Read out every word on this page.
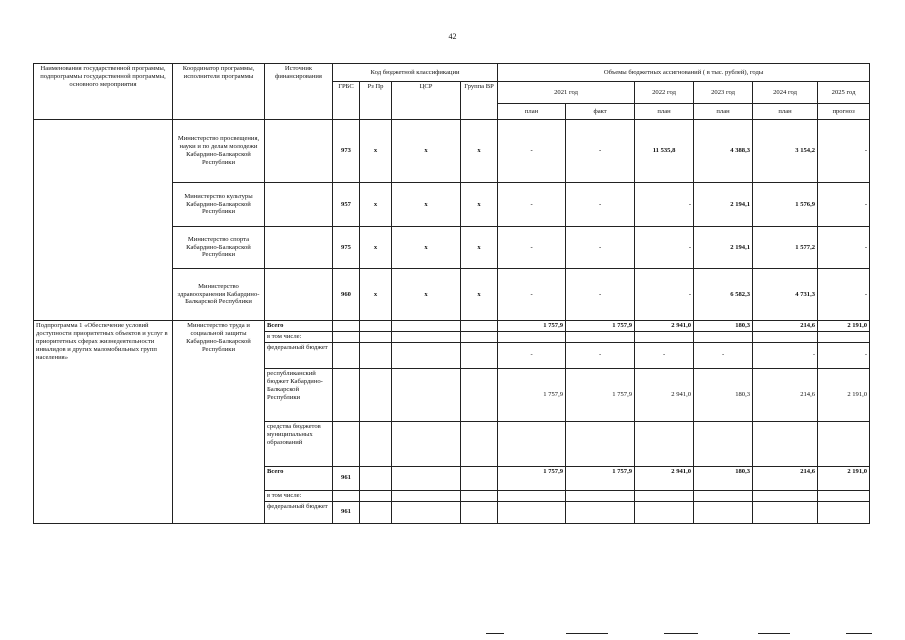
42
Наименования государственной программы, подпрограммы государственной программы, основного мероприятия	Координатор программы, исполнители программы	Источник финансирования	Код бюджетной классификации				Объемы бюджетных ассигнований ( в тыс. рублей), годы					
			ГРБС	Рз Пр	ЦСР	Группа ВР	2021 год		2022 год	2023 год	2024 год	2025 год
							план	факт	план	план	план	прогноз
	Министерство просвещения, науки и по делам молодежи Кабардино-Балкарской Республики		973	x	x	x	-	-	11 535,8	4 388,3	3 154,2	-
	Министерство культуры Кабардино-Балкарской Республики		957	x	x	x	-	-	-	2 194,1	1 576,9	-
	Министерство спорта Кабардино-Балкарской Республики		975	x	x	x	-	-	-	2 194,1	1 577,2	-
	Министерство здравоохранения Кабардино-Балкарской Республики		960	x	x	x	-	-	-	6 582,3	4 731,3	-
Подпрограмма 1 «Обеспечение условий доступности приоритетных объектов и услуг в приоритетных сферах жизнедеятельности инвалидов и других маломобильных групп населения»	Министерство труда и социальной защиты Кабардино-Балкарской Республики	Всего					1 757,9	1 757,9	2 941,0	180,3	214,6	2 191,0
		в том числе:										
		федеральный бюджет					-	-	-	-	-	-
		республиканский бюджет Кабардино-Балкарской Республики					1 757,9	1 757,9	2 941,0	180,3	214,6	2 191,0
		средства бюджетов муниципальных образований										
		Всего	961				1 757,9	1 757,9	2 941,0	180,3	214,6	2 191,0
		в том числе:										
		федеральный бюджет	961									
